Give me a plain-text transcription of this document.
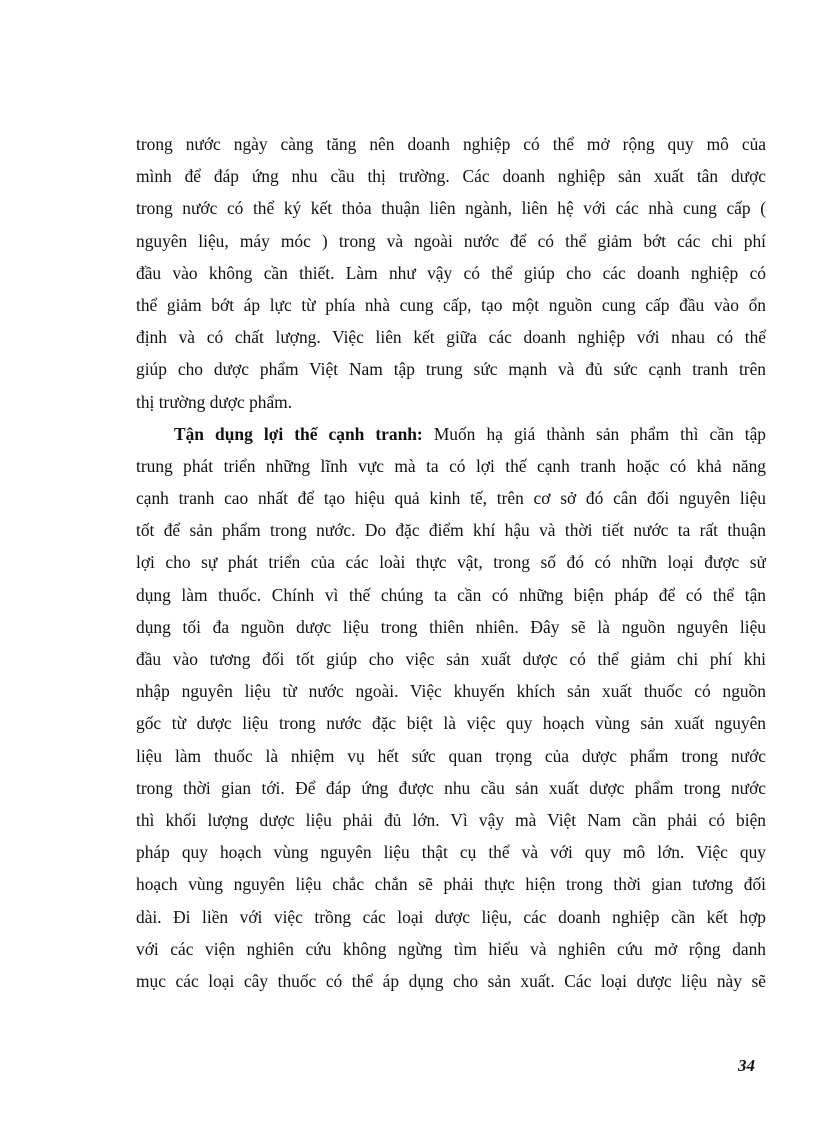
trong nước ngày càng tăng nên doanh nghiệp có thể mở rộng quy mô của
mình để đáp ứng nhu cầu thị trường. Các doanh nghiệp sản xuất tân dược
trong nước có thể ký kết thỏa thuận liên ngành, liên hệ với các nhà cung cấp (
nguyên liệu, máy móc ) trong và ngoài nước để có thể giảm bớt các chi phí
đầu vào không cần thiết. Làm như vậy có thể giúp cho các doanh nghiệp có
thể giảm bớt áp lực từ phía nhà cung cấp, tạo một nguồn cung cấp đầu vào ổn
định và có chất lượng. Việc liên kết giữa các doanh nghiệp với nhau có thể
giúp cho dược phẩm Việt Nam tập trung sức mạnh và đủ sức cạnh tranh trên
thị trường dược phẩm.
Tận dụng lợi thế cạnh tranh: Muốn hạ giá thành sản phẩm thì cần tập
trung phát triển những lĩnh vực mà ta có lợi thế cạnh tranh hoặc có khả năng
cạnh tranh cao nhất để tạo hiệu quả kinh tế, trên cơ sở đó cân đối nguyên liệu
tốt để sản phẩm trong nước. Do đặc điểm khí hậu và thời tiết nước ta rất thuận
lợi cho sự phát triển của các loài thực vật, trong số đó có nhữn loại được sử
dụng làm thuốc. Chính vì thế chúng ta cần có những biện pháp để có thể tận
dụng tối đa nguồn dược liệu trong thiên nhiên. Đây sẽ là nguồn nguyên liệu
đầu vào tương đối tốt giúp cho việc sản xuất dược có thể giảm chi phí khi
nhập nguyên liệu từ nước ngoài. Việc khuyến khích sản xuất thuốc có nguồn
gốc từ dược liệu trong nước đặc biệt là việc quy hoạch vùng sản xuất nguyên
liệu làm thuốc là nhiệm vụ hết sức quan trọng của dược phẩm trong nước
trong thời gian tới. Để đáp ứng được nhu cầu sản xuất dược phẩm trong nước
thì khối lượng dược liệu phải đủ lớn. Vì vậy mà Việt Nam cần phải có biện
pháp quy hoạch vùng nguyên liệu thật cụ thể và với quy mô lớn. Việc quy
hoạch vùng nguyên liệu chắc chắn sẽ phải thực hiện trong thời gian tương đối
dài. Đi liền với việc trồng các loại dược liệu, các doanh nghiệp cần kết hợp
với các viện nghiên cứu không ngừng tìm hiểu và nghiên cứu mở rộng danh
mục các loại cây thuốc có thể áp dụng cho sản xuất. Các loại dược liệu này sẽ
34
